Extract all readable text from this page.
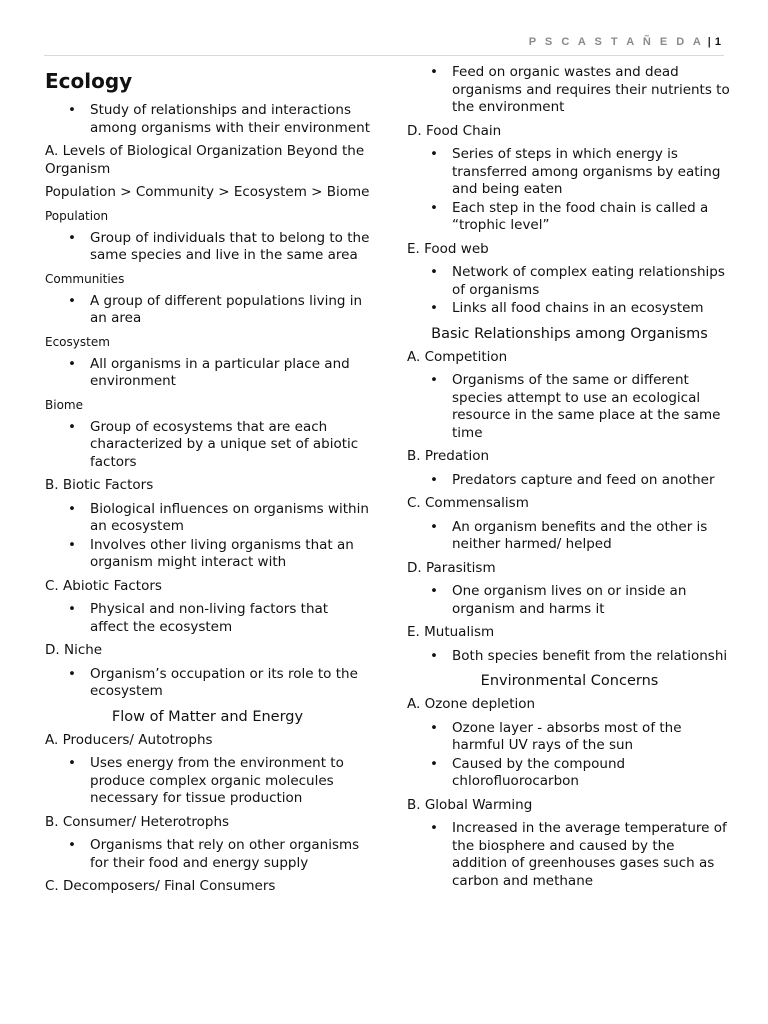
P S C A S T A Ñ E D A | 1
Ecology
• Study of relationships and interactions among organisms with their environment
A. Levels of Biological Organization Beyond the Organism
Population > Community > Ecosystem > Biome
Population
• Group of individuals that to belong to the same species and live in the same area
Communities
• A group of different populations living in an area
Ecosystem
• All organisms in a particular place and environment
Biome
• Group of ecosystems that are each characterized by a unique set of abiotic factors
B. Biotic Factors
• Biological influences on organisms within an ecosystem
• Involves other living organisms that an organism might interact with
C. Abiotic Factors
• Physical and non-living factors that affect the ecosystem
D. Niche
• Organism’s occupation or its role to the ecosystem
Flow of Matter and Energy
A. Producers/ Autotrophs
• Uses energy from the environment to produce complex organic molecules necessary for tissue production
B. Consumer/ Heterotrophs
• Organisms that rely on other organisms for their food and energy supply
C. Decomposers/ Final Consumers
• Feed on organic wastes and dead organisms and requires their nutrients to the environment
D. Food Chain
• Series of steps in which energy is transferred among organisms by eating and being eaten
• Each step in the food chain is called a “trophic level”
E. Food web
• Network of complex eating relationships of organisms
• Links all food chains in an ecosystem
Basic Relationships among Organisms
A. Competition
• Organisms of the same or different species attempt to use an ecological resource in the same place at the same time
B. Predation
• Predators capture and feed on another
C. Commensalism
• An organism benefits and the other is neither harmed/ helped
D. Parasitism
• One organism lives on or inside an organism and harms it
E. Mutualism
• Both species benefit from the relationshi
Environmental Concerns
A. Ozone depletion
• Ozone layer - absorbs most of the harmful UV rays of the sun
• Caused by the compound chlorofluorocarbon
B. Global Warming
• Increased in the average temperature of the biosphere and caused by the addition of greenhouses gases such as carbon and methane
